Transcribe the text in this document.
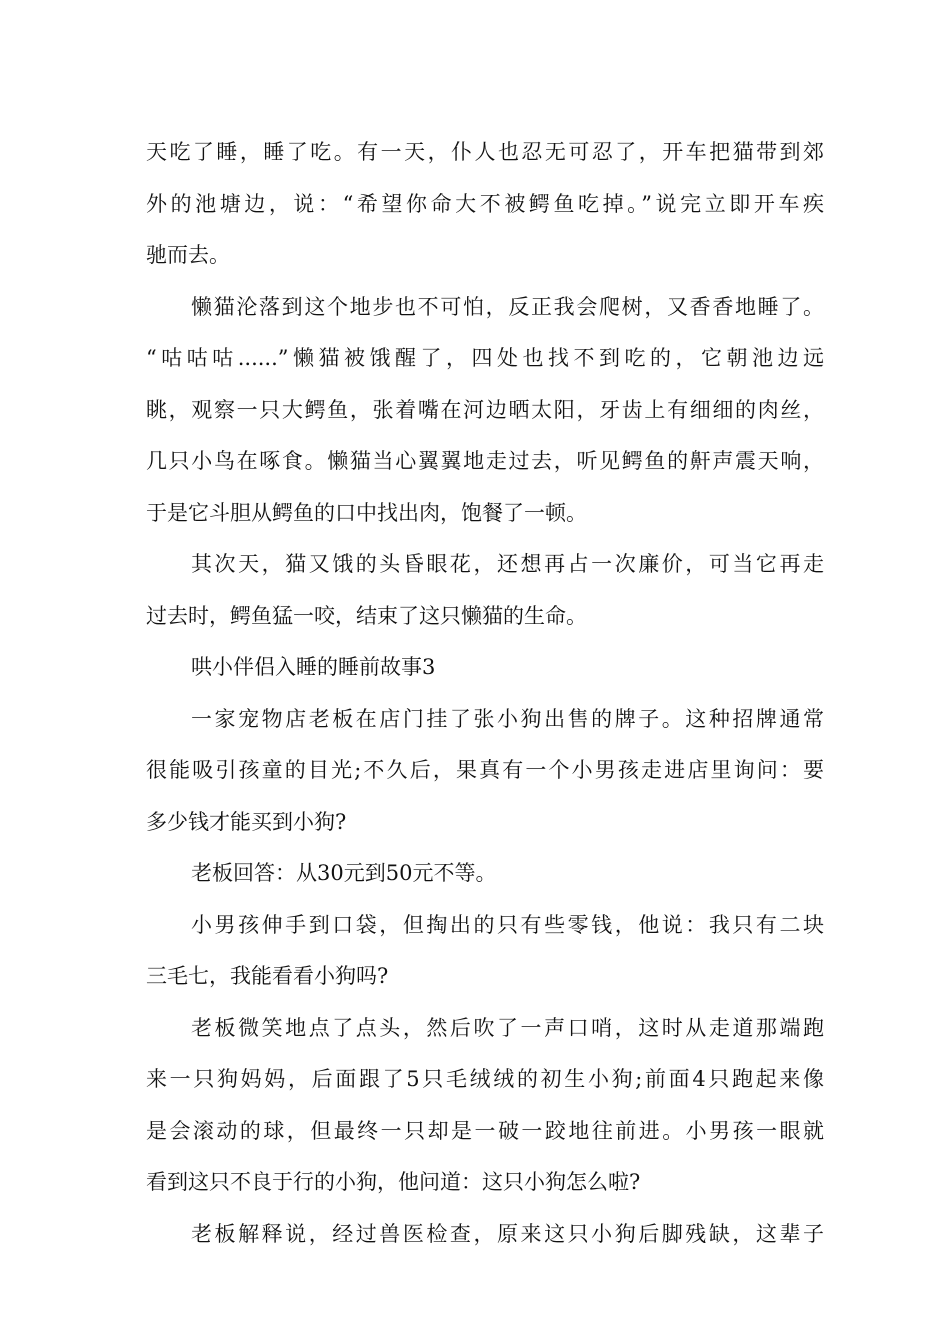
天吃了睡，睡了吃。有一天，仆人也忍无可忍了，开车把猫带到郊
外的池塘边，说：“希望你命大不被鳄鱼吃掉。”说完立即开车疾
驰而去。
懒猫沦落到这个地步也不可怕，反正我会爬树，又香香地睡了。
“咕咕咕......”懒猫被饿醒了，四处也找不到吃的，它朝池边远
眺，观察一只大鳄鱼，张着嘴在河边晒太阳，牙齿上有细细的肉丝，
几只小鸟在啄食。懒猫当心翼翼地走过去，听见鳄鱼的鼾声震天响，
于是它斗胆从鳄鱼的口中找出肉，饱餐了一顿。
其次天，猫又饿的头昏眼花，还想再占一次廉价，可当它再走
过去时，鳄鱼猛一咬，结束了这只懒猫的生命。
哄小伴侣入睡的睡前故事3
一家宠物店老板在店门挂了张小狗出售的牌子。这种招牌通常
很能吸引孩童的目光;不久后，果真有一个小男孩走进店里询问：要
多少钱才能买到小狗?
老板回答：从30元到50元不等。
小男孩伸手到口袋，但掏出的只有些零钱，他说：我只有二块
三毛七，我能看看小狗吗?
老板微笑地点了点头，然后吹了一声口哨，这时从走道那端跑
来一只狗妈妈，后面跟了5只毛绒绒的初生小狗;前面4只跑起来像
是会滚动的球，但最终一只却是一破一跤地往前进。小男孩一眼就
看到这只不良于行的小狗，他问道：这只小狗怎么啦?
老板解释说，经过兽医检查，原来这只小狗后脚残缺，这辈子
